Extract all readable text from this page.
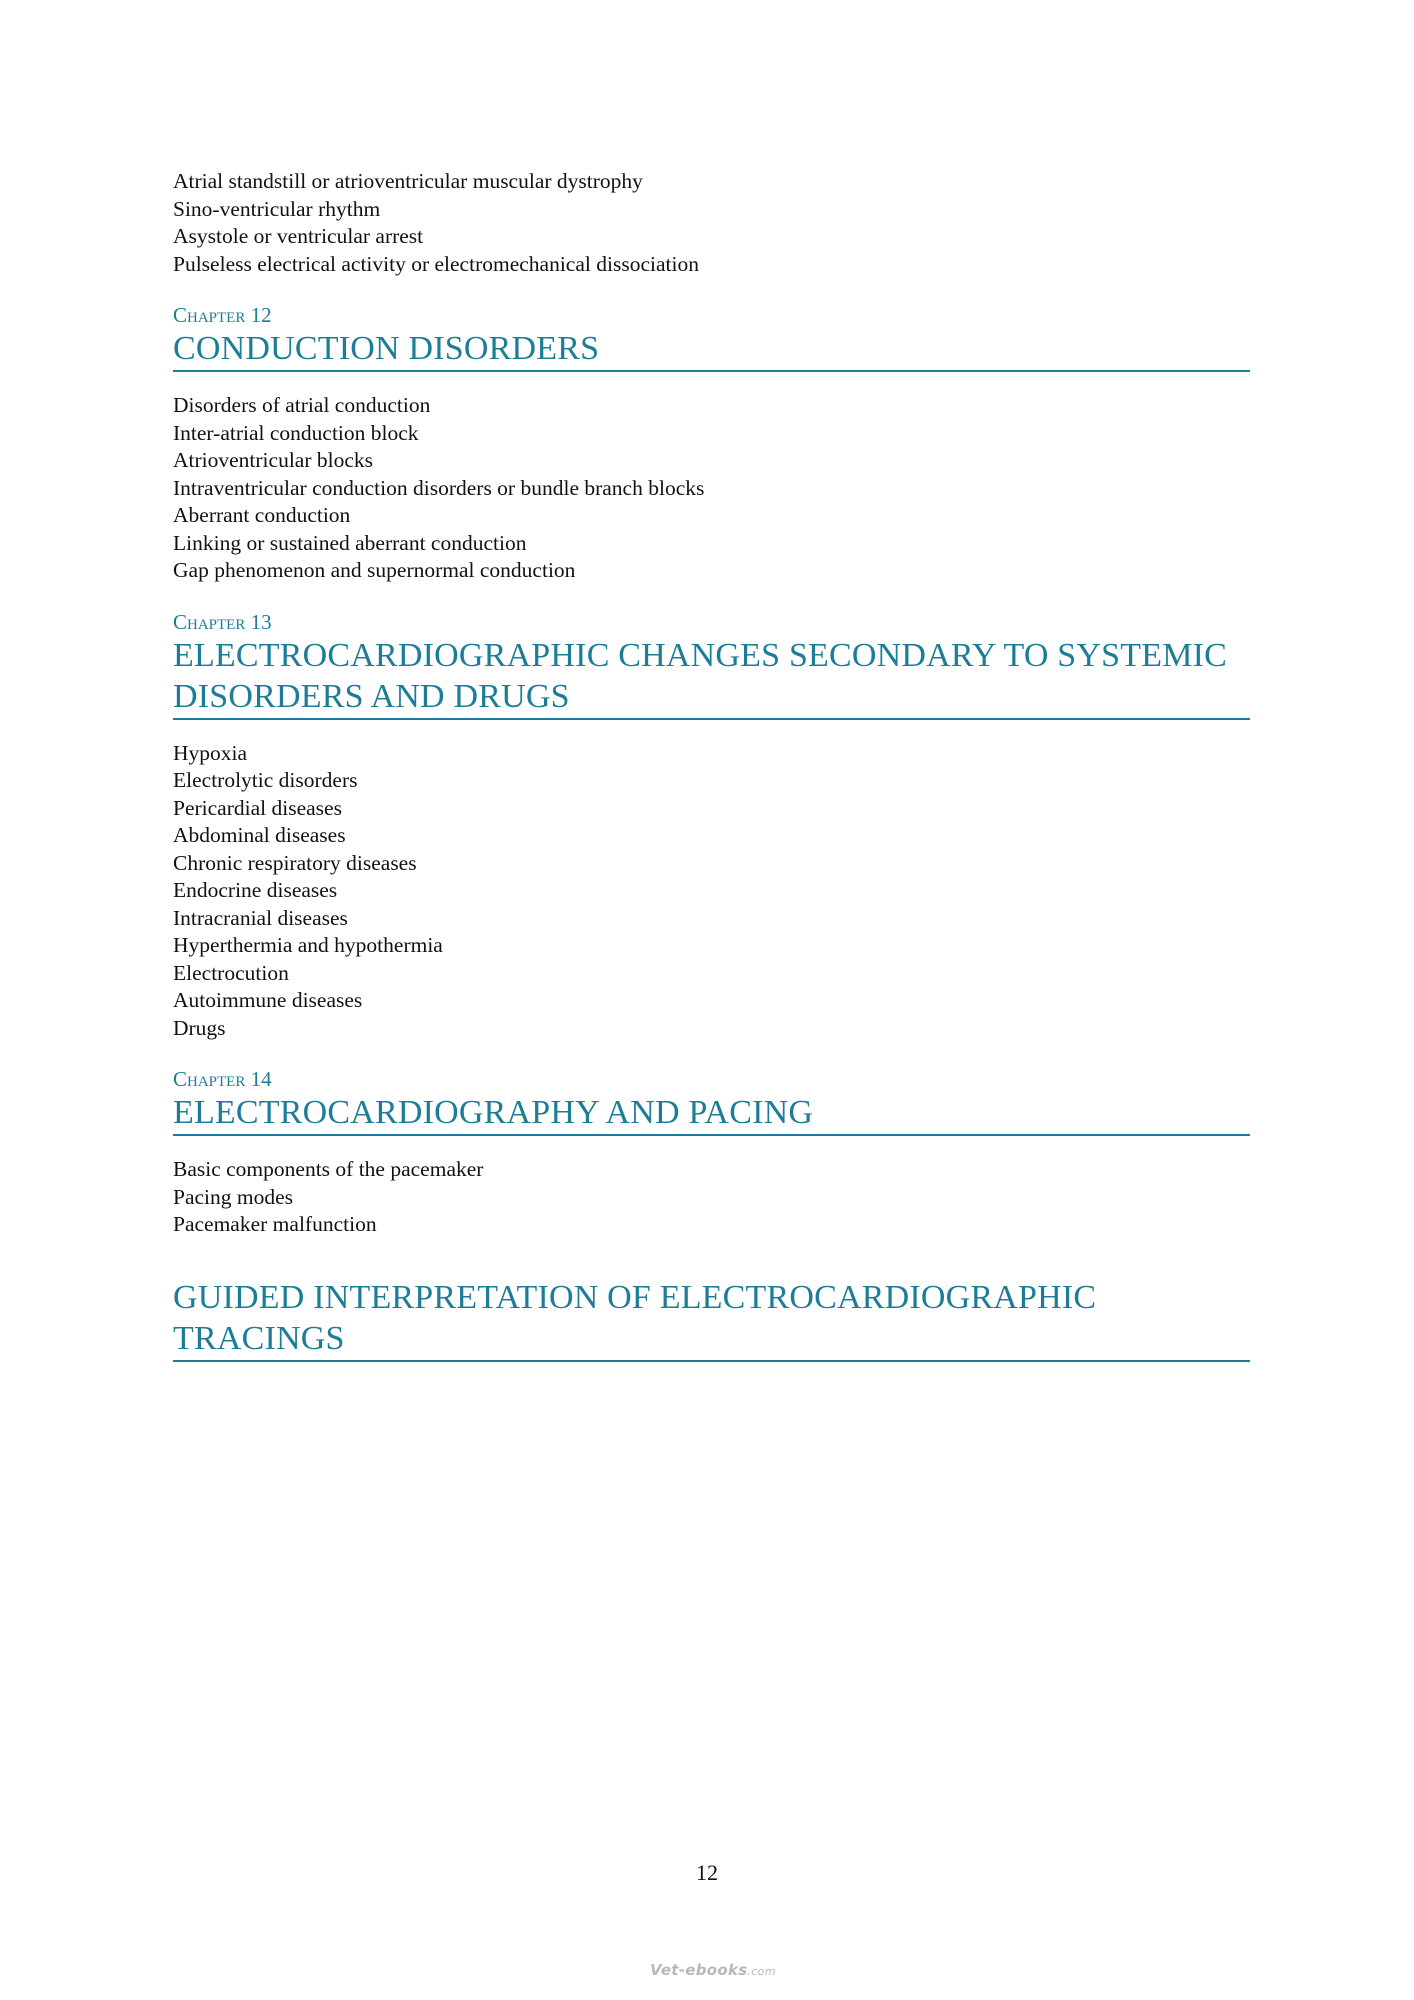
Atrial standstill or atrioventricular muscular dystrophy
Sino-ventricular rhythm
Asystole or ventricular arrest
Pulseless electrical activity or electromechanical dissociation
Chapter 12
CONDUCTION DISORDERS
Disorders of atrial conduction
Inter-atrial conduction block
Atrioventricular blocks
Intraventricular conduction disorders or bundle branch blocks
Aberrant conduction
Linking or sustained aberrant conduction
Gap phenomenon and supernormal conduction
Chapter 13
ELECTROCARDIOGRAPHIC CHANGES SECONDARY TO SYSTEMIC
DISORDERS AND DRUGS
Hypoxia
Electrolytic disorders
Pericardial diseases
Abdominal diseases
Chronic respiratory diseases
Endocrine diseases
Intracranial diseases
Hyperthermia and hypothermia
Electrocution
Autoimmune diseases
Drugs
Chapter 14
ELECTROCARDIOGRAPHY AND PACING
Basic components of the pacemaker
Pacing modes
Pacemaker malfunction
GUIDED INTERPRETATION OF ELECTROCARDIOGRAPHIC
TRACINGS
12
Vet-ebooks.com
